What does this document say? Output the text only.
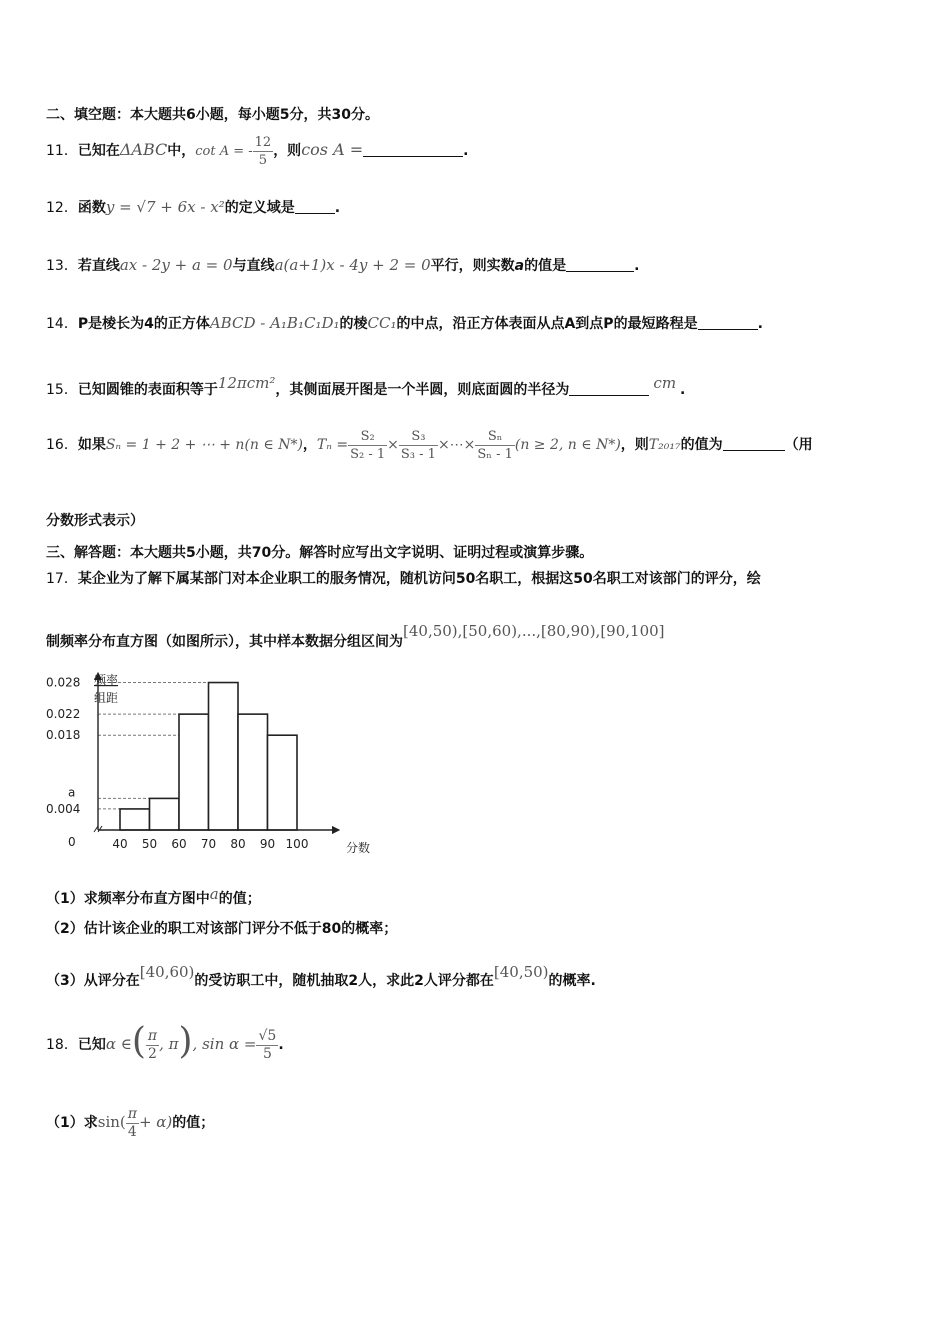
二、填空题：本大题共6小题，每小题5分，共30分。
11．已知在ΔABC中，cot A = - $\frac{12}{5}$ ，则cos A =	.
12．函数y = √7 + 6x - x²的定义域是	.
13．若直线ax - 2y + a = 0与直线a(a+1)x - 4y + 2 = 0平行，则实数a的值是	.
14．P是棱长为4的正方体ABCD - A₁B₁C₁D₁的棱CC₁的中点，沿正方体表面从点A到点P的最短路程是	.
15．已知圆锥的表面积等于12πcm²，其侧面展开图是一个半圆，则底面圆的半径为	cm .
16．如果Sₙ = 1 + 2 + ⋯ + n(n ∈ N*)，$T_n = \frac{\text{S₂}}{\text{S₂ - 1}} \times \frac{\text{S₃}}{\text{S₃ - 1}}$ ×⋯× $\frac{\text{Sₙ}}{\text{Sₙ - 1}} (n \ge 2$, n ∈ N*)，则T₂₀₁₇的值为	（用
分数形式表示）
三、解答题：本大题共5小题，共70分。解答时应写出文字说明、证明过程或演算步骤。
17．某企业为了解下属某部门对本企业职工的服务情况，随机访问50名职工，根据这50名职工对该部门的评分，绘
制频率分布直方图（如图所示），其中样本数据分组区间为[40,50),[50,60),...,[80,90),[90,100]
0.004
a
0.018
0.022
0.028
40 50 60 70 80 90 100
0	分数
频率
组距
（1）求频率分布直方图中a的值；
（2）估计该企业的职工对该部门评分不低于80的概率；
（3）从评分在[40,60)的受访职工中，随机抽取2人，求此2人评分都在[40,50)的概率.
18．已知α ∈( $\frac{\pi}{2}$ , π), $\sin \alpha = \frac{√5}{5}$ .
（1）求$\sin( \frac{\pi}{4} + \alpha)$的值；
